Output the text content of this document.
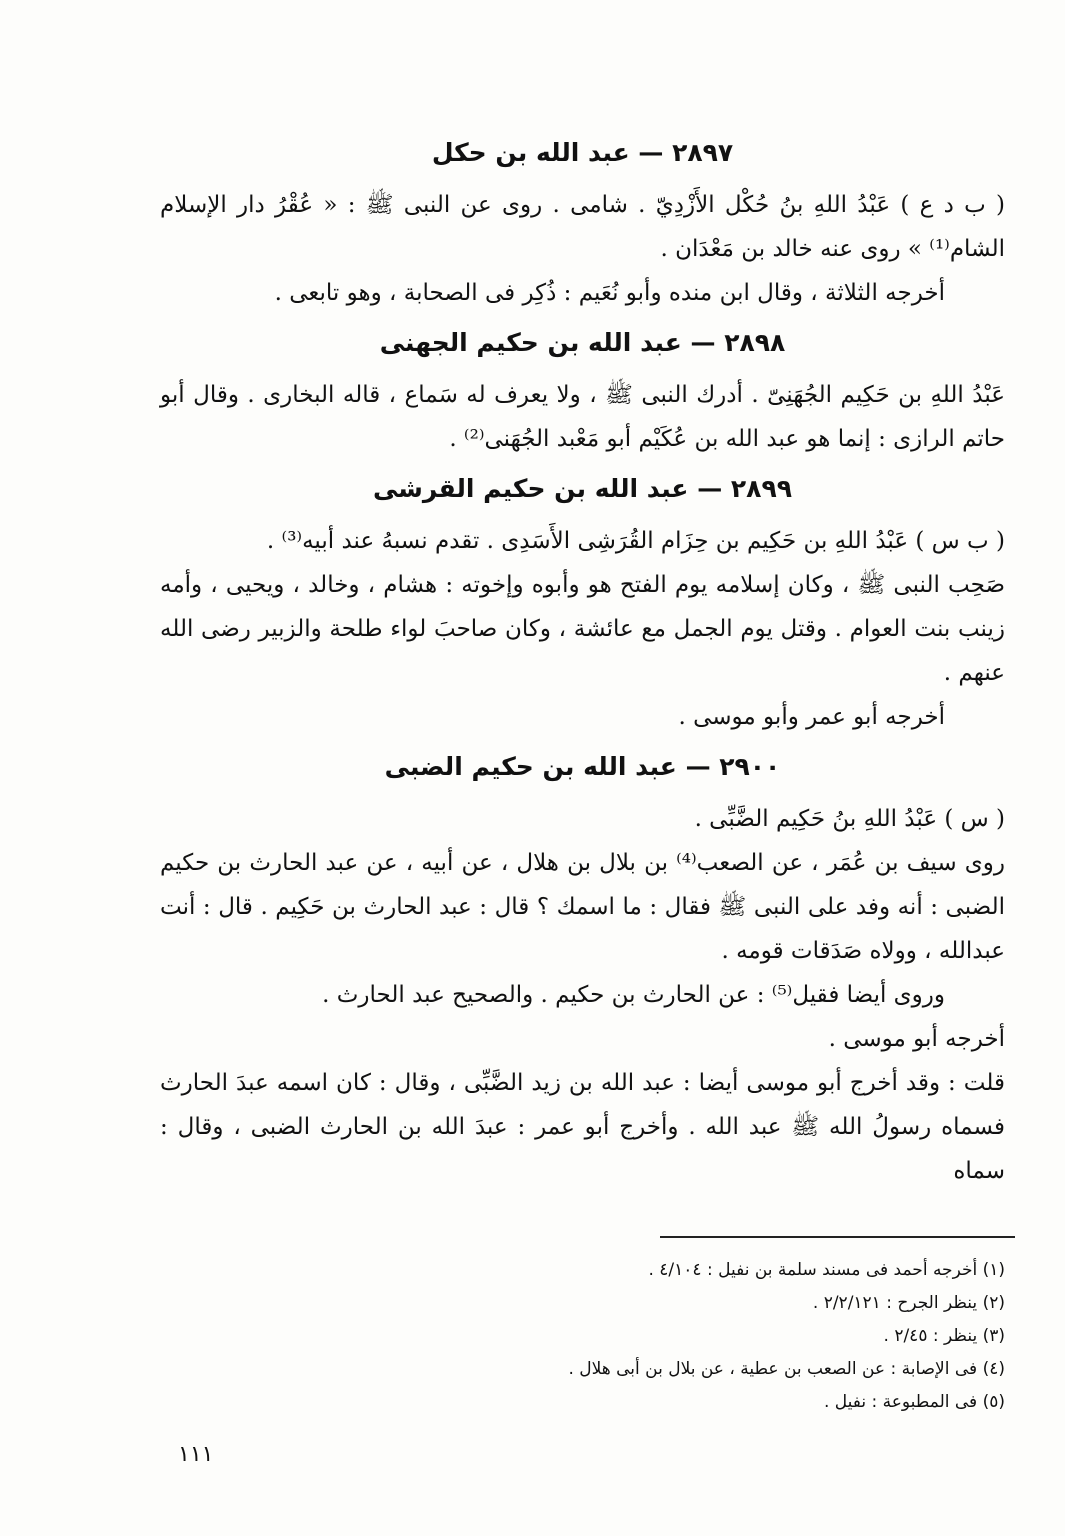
٢٨٩٧ — عبد الله بن حكل

( ب د ع ) عَبْدُ اللهِ بنُ حُكْل الأَزْدِيّ . شامى . روى عن النبى ﷺ : « عُقْرُ دار الإسلام الشام⁽¹⁾ » روى عنه خالد بن مَعْدَان .

أخرجه الثلاثة ، وقال ابن منده وأبو نُعَيم : ذُكِر فى الصحابة ، وهو تابعى .

٢٨٩٨ — عبد الله بن حكيم الجهنى

عَبْدُ اللهِ بن حَكِيم الجُهَنِىّ . أدرك النبى ﷺ ، ولا يعرف له سَماع ، قاله البخارى . وقال أبو حاتم الرازى : إنما هو عبد الله بن عُكَيْم أبو مَعْبد الجُهَنى⁽²⁾ .

٢٨٩٩ — عبد الله بن حكيم القرشى

( ب س ) عَبْدُ اللهِ بن حَكِيم بن حِزَام القُرَشِى الأَسَدِى . تقدم نسبهُ عند أبيه⁽³⁾ .

صَحِب النبى ﷺ ، وكان إسلامه يوم الفتح هو وأبوه وإخوته : هشام ، وخالد ، ويحيى ، وأمه زينب بنت العوام . وقتل يوم الجمل مع عائشة ، وكان صاحبَ لواء طلحة والزبير رضى الله عنهم .

أخرجه أبو عمر وأبو موسى .

٢٩٠٠ — عبد الله بن حكيم الضبى

( س ) عَبْدُ اللهِ بنُ حَكِيم الضَّبِّى .

روى سيف بن عُمَر ، عن الصعب⁽⁴⁾ بن بلال بن هلال ، عن أبيه ، عن عبد الحارث بن حكيم الضبى : أنه وفد على النبى ﷺ فقال : ما اسمك ؟ قال : عبد الحارث بن حَكِيم . قال : أنت عبدالله ، وولاه صَدَقات قومه .

وروى أيضا فقيل⁽⁵⁾ : عن الحارث بن حكيم . والصحيح عبد الحارث .

أخرجه أبو موسى .

قلت : وقد أخرج أبو موسى أيضا : عبد الله بن زيد الضَّبِّى ، وقال : كان اسمه عبدَ الحارث فسماه رسولُ الله ﷺ عبد الله . وأخرج أبو عمر : عبدَ الله بن الحارث الضبى ، وقال : سماه

(١) أخرجه أحمد فى مسند سلمة بن نفيل : ٤/١٠٤ .

(٢) ينظر الجرح : ٢/٢/١٢١ .

(٣) ينظر : ٢/٤٥ .

(٤) فى الإصابة : عن الصعب بن عطية ، عن بلال بن أبى هلال .

(٥) فى المطبوعة : نفيل .

١١١
